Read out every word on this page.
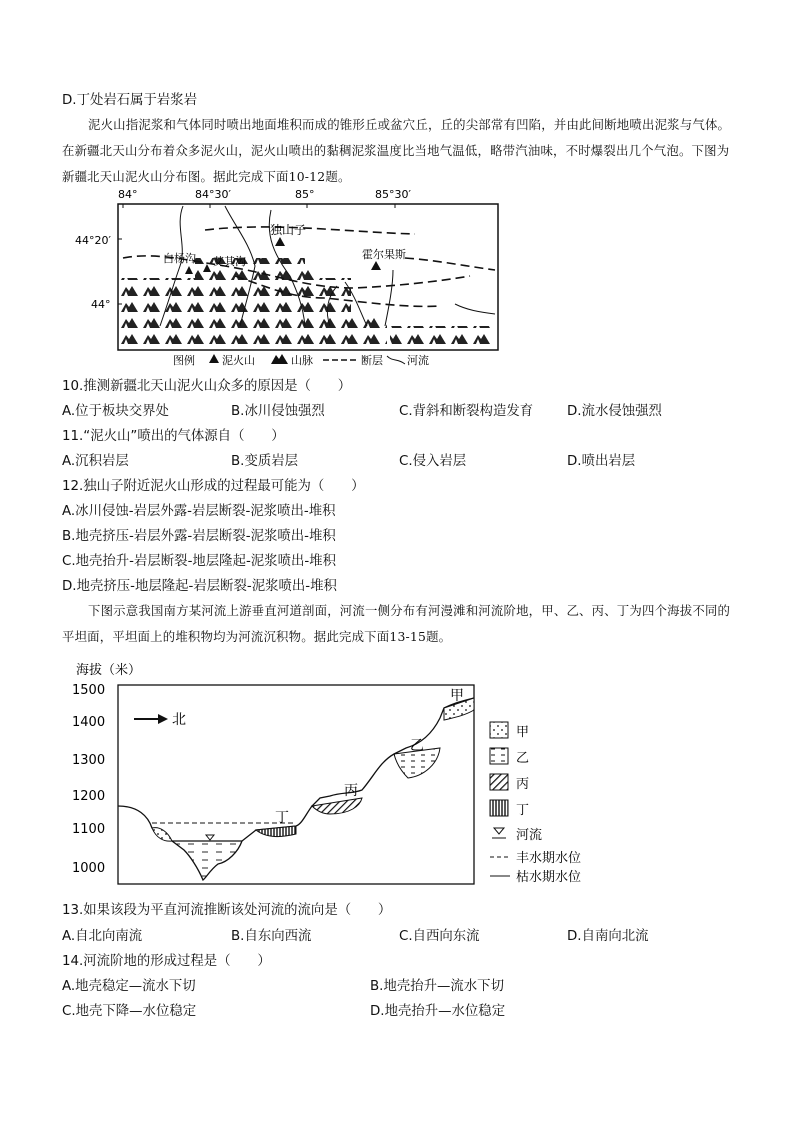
D.丁处岩石属于岩浆岩
泥火山指泥浆和气体同时喷出地面堆积而成的锥形丘或盆穴丘，丘的尖部常有凹陷，并由此间断地喷出泥浆与气体。在新疆北天山分布着众多泥火山，泥火山喷出的黏稠泥浆温度比当地气温低，略带汽油味，不时爆裂出几个气泡。下图为新疆北天山泥火山分布图。据此完成下面10-12题。
84°	84°30′	85°	85°30′
44°20′
44°
独山子
白杨沟 艾其沟
霍尔果斯
图例 泥火山	山脉	断层 河流
10.推测新疆北天山泥火山众多的原因是（　　）
A.位于板块交界处	B.冰川侵蚀强烈	C.背斜和断裂构造发育	D.流水侵蚀强烈
11.“泥火山”喷出的气体源自（　　）
A.沉积岩层	B.变质岩层	C.侵入岩层	D.喷出岩层
12.独山子附近泥火山形成的过程最可能为（　　）
A.冰川侵蚀-岩层外露-岩层断裂-泥浆喷出-堆积
B.地壳挤压-岩层外露-岩层断裂-泥浆喷出-堆积
C.地壳抬升-岩层断裂-地层隆起-泥浆喷出-堆积
D.地壳挤压-地层隆起-岩层断裂-泥浆喷出-堆积
下图示意我国南方某河流上游垂直河道剖面，河流一侧分布有河漫滩和河流阶地，甲、乙、丙、丁为四个海拔不同的平坦面，平坦面上的堆积物均为河流沉积物。据此完成下面13-15题。
海拔（米）
1500
1400
1300
1200
1100
1000
北
甲
乙
丙
丁
甲
乙
丙
丁
河流
丰水期水位
枯水期水位
13.如果该段为平直河流推断该处河流的流向是（　　）
A.自北向南流	B.自东向西流	C.自西向东流	D.自南向北流
14.河流阶地的形成过程是（　　）
A.地壳稳定—流水下切	B.地壳抬升—流水下切
C.地壳下降—水位稳定	D.地壳抬升—水位稳定
